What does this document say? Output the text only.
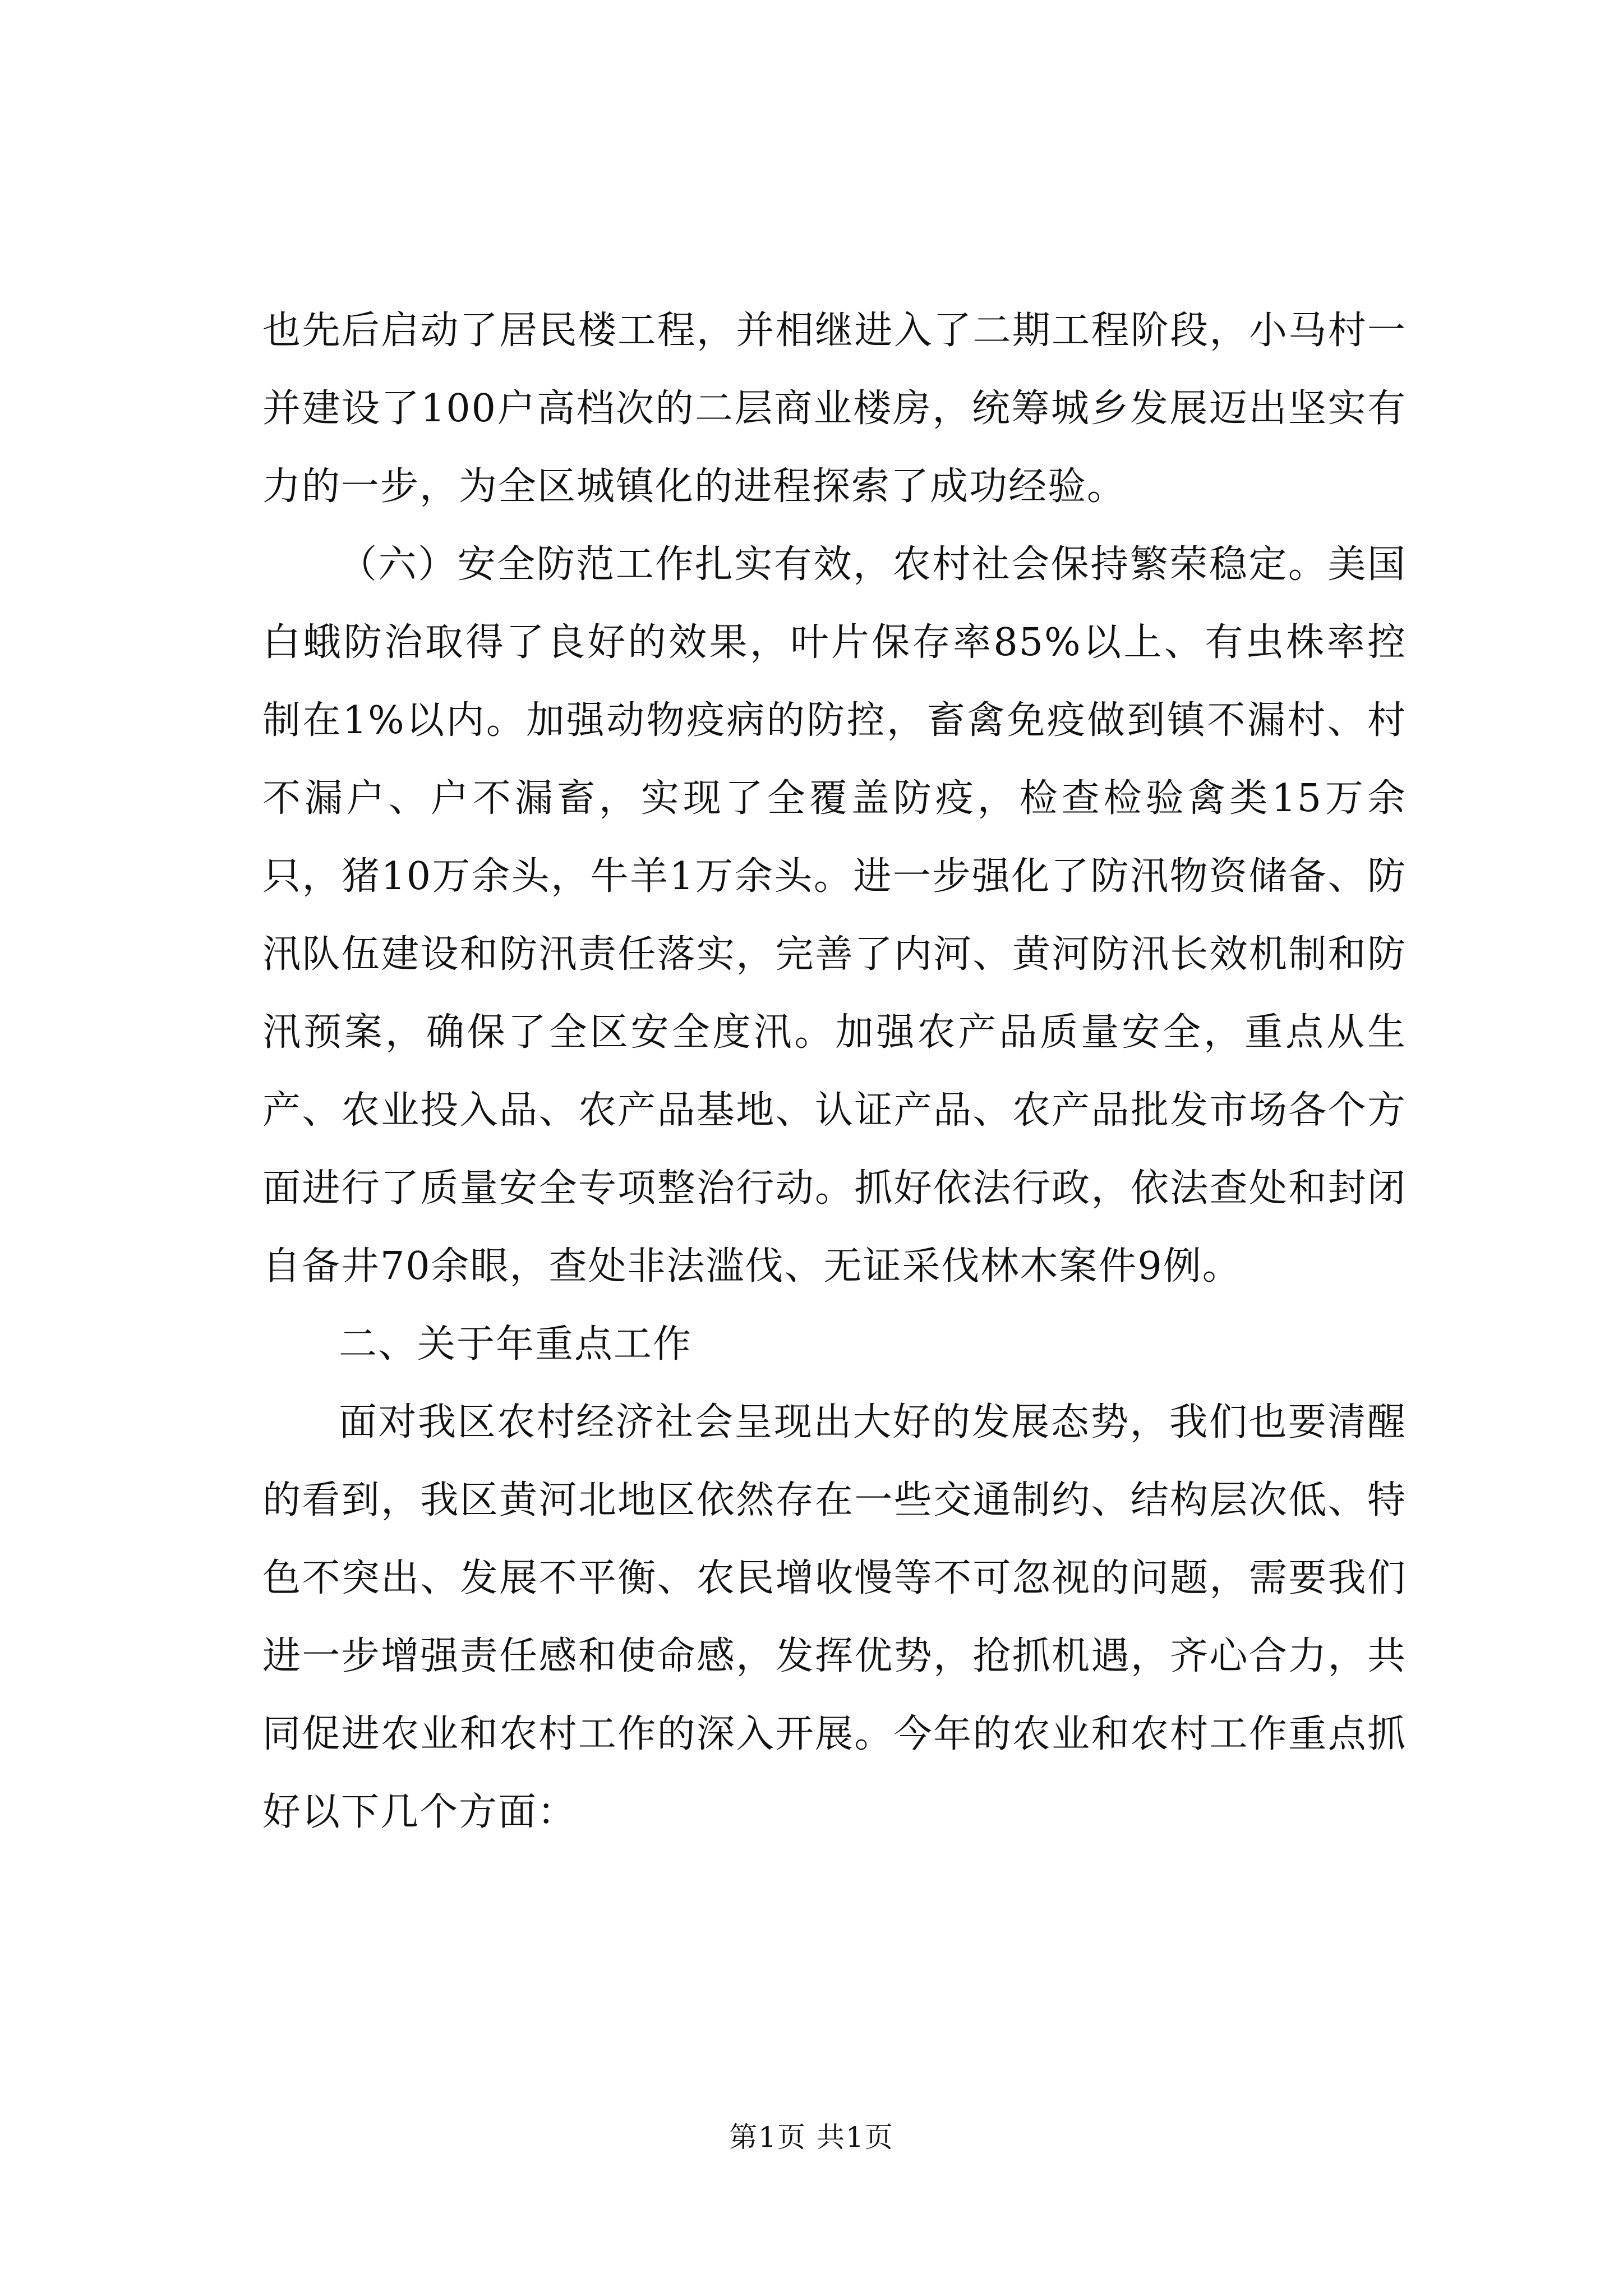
也先后启动了居民楼工程，并相继进入了二期工程阶段，小马村一并建设了100户高档次的二层商业楼房，统筹城乡发展迈出坚实有力的一步，为全区城镇化的进程探索了成功经验。

（六）安全防范工作扎实有效，农村社会保持繁荣稳定。美国白蛾防治取得了良好的效果，叶片保存率85%以上、有虫株率控制在1%以内。加强动物疫病的防控，畜禽免疫做到镇不漏村、村不漏户、户不漏畜，实现了全覆盖防疫，检查检验禽类15万余只，猪10万余头，牛羊1万余头。进一步强化了防汛物资储备、防汛队伍建设和防汛责任落实，完善了内河、黄河防汛长效机制和防汛预案，确保了全区安全度汛。加强农产品质量安全，重点从生产、农业投入品、农产品基地、认证产品、农产品批发市场各个方面进行了质量安全专项整治行动。抓好依法行政，依法查处和封闭自备井70余眼，查处非法滥伐、无证采伐林木案件9例。

二、关于年重点工作

面对我区农村经济社会呈现出大好的发展态势，我们也要清醒的看到，我区黄河北地区依然存在一些交通制约、结构层次低、特色不突出、发展不平衡、农民增收慢等不可忽视的问题，需要我们进一步增强责任感和使命感，发挥优势，抢抓机遇，齐心合力，共同促进农业和农村工作的深入开展。今年的农业和农村工作重点抓好以下几个方面：

第1页 共1页
